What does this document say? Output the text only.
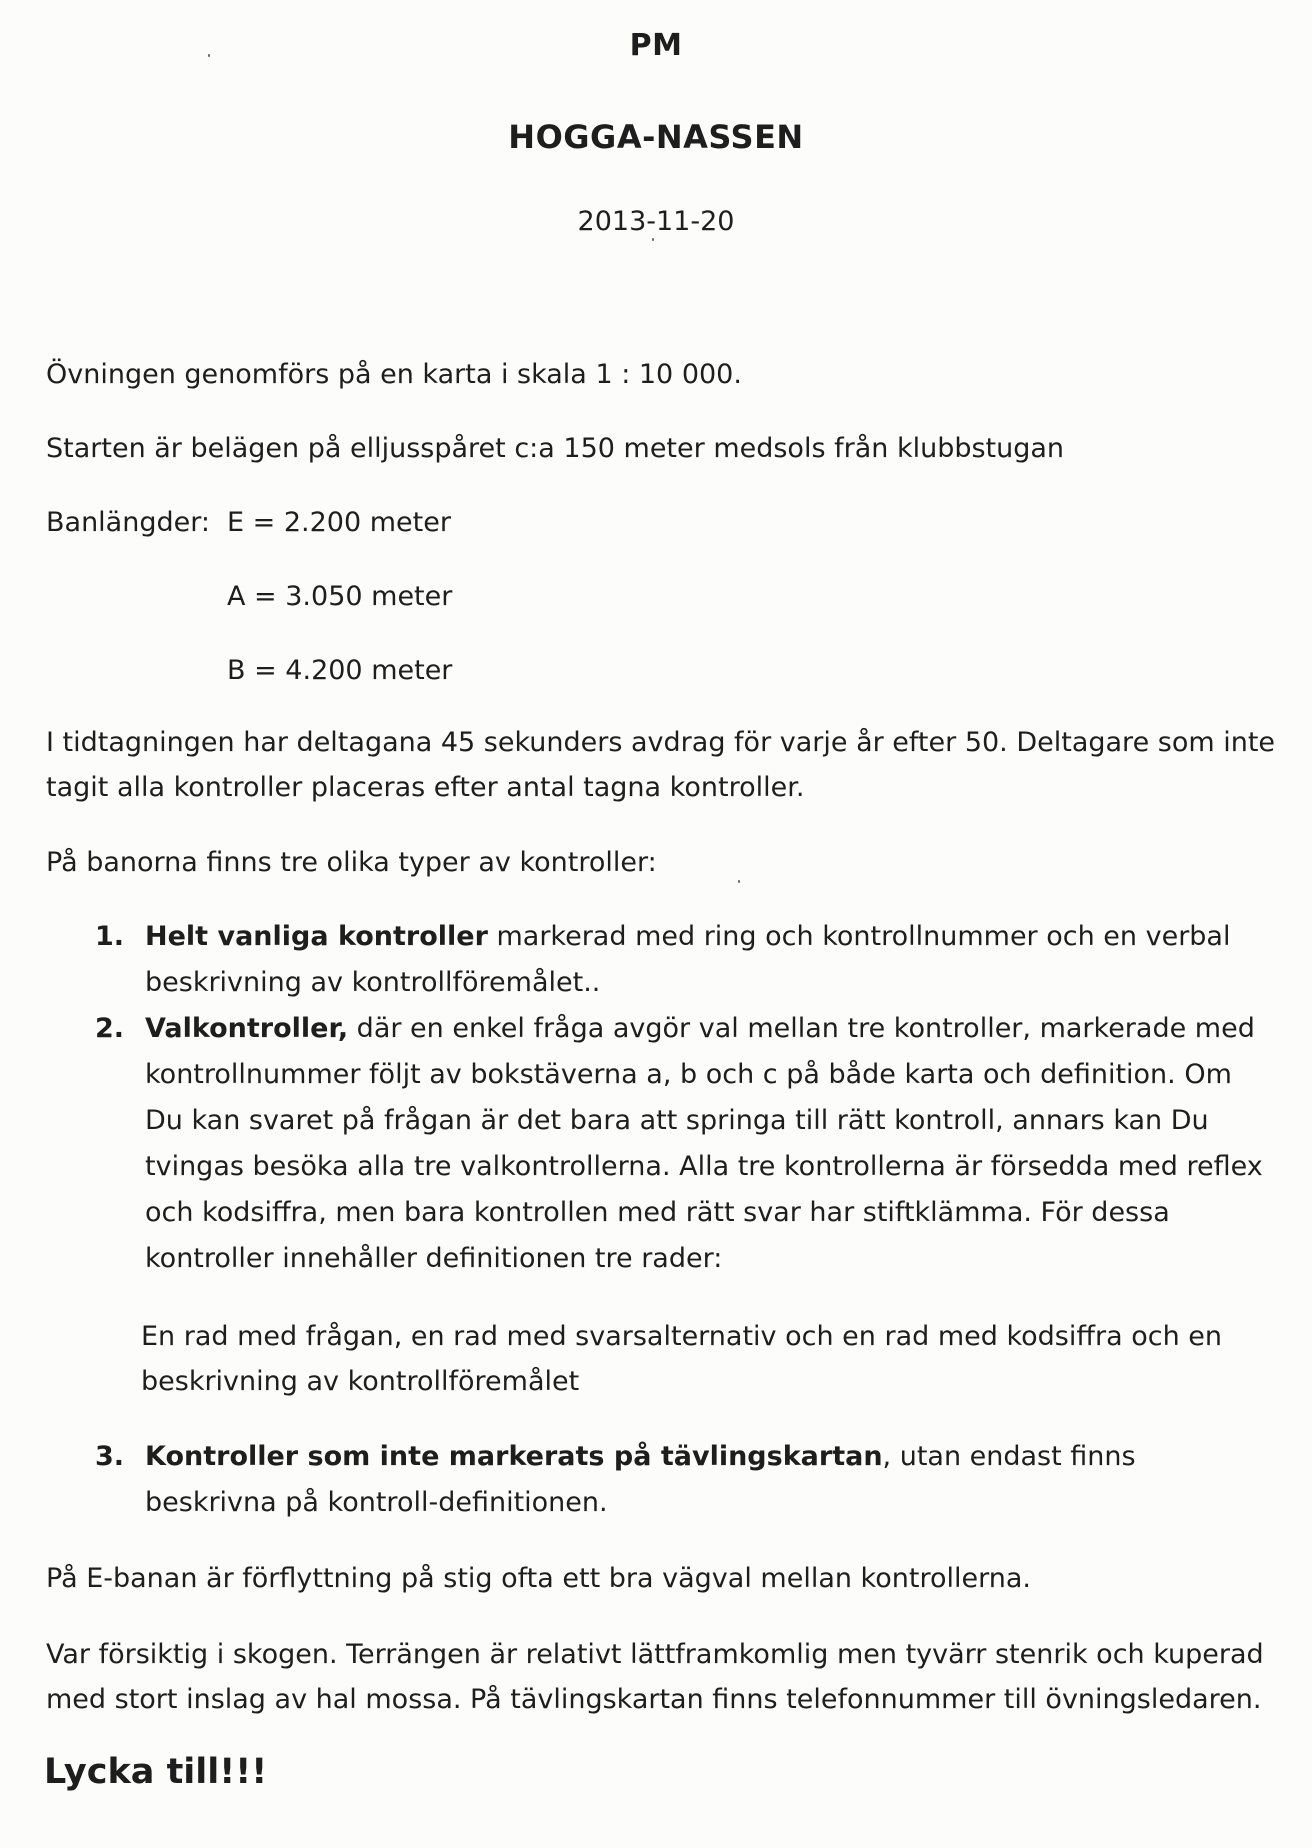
PM
HOGGA-NASSEN
2013-11-20

Övningen genomförs på en karta i skala 1 : 10 000.

Starten är belägen på elljusspåret c:a 150 meter medsols från klubbstugan

Banlängder: E = 2.200 meter
A = 3.050 meter
B = 4.200 meter

I tidtagningen har deltagana 45 sekunders avdrag för varje år efter 50. Deltagare som inte tagit alla kontroller placeras efter antal tagna kontroller.

På banorna finns tre olika typer av kontroller:

1. Helt vanliga kontroller markerad med ring och kontrollnummer och en verbal beskrivning av kontrollföremålet..
2. Valkontroller, där en enkel fråga avgör val mellan tre kontroller, markerade med kontrollnummer följt av bokstäverna a, b och c på både karta och definition. Om Du kan svaret på frågan är det bara att springa till rätt kontroll, annars kan Du tvingas besöka alla tre valkontrollerna. Alla tre kontrollerna är försedda med reflex och kodsiffra, men bara kontrollen med rätt svar har stiftklämma. För dessa kontroller innehåller definitionen tre rader:
En rad med frågan, en rad med svarsalternativ och en rad med kodsiffra och en beskrivning av kontrollföremålet
3. Kontroller som inte markerats på tävlingskartan, utan endast finns beskrivna på kontroll-definitionen.

På E-banan är förflyttning på stig ofta ett bra vägval mellan kontrollerna.

Var försiktig i skogen. Terrängen är relativt lättframkomlig men tyvärr stenrik och kuperad med stort inslag av hal mossa. På tävlingskartan finns telefonnummer till övningsledaren.

Lycka till!!!
